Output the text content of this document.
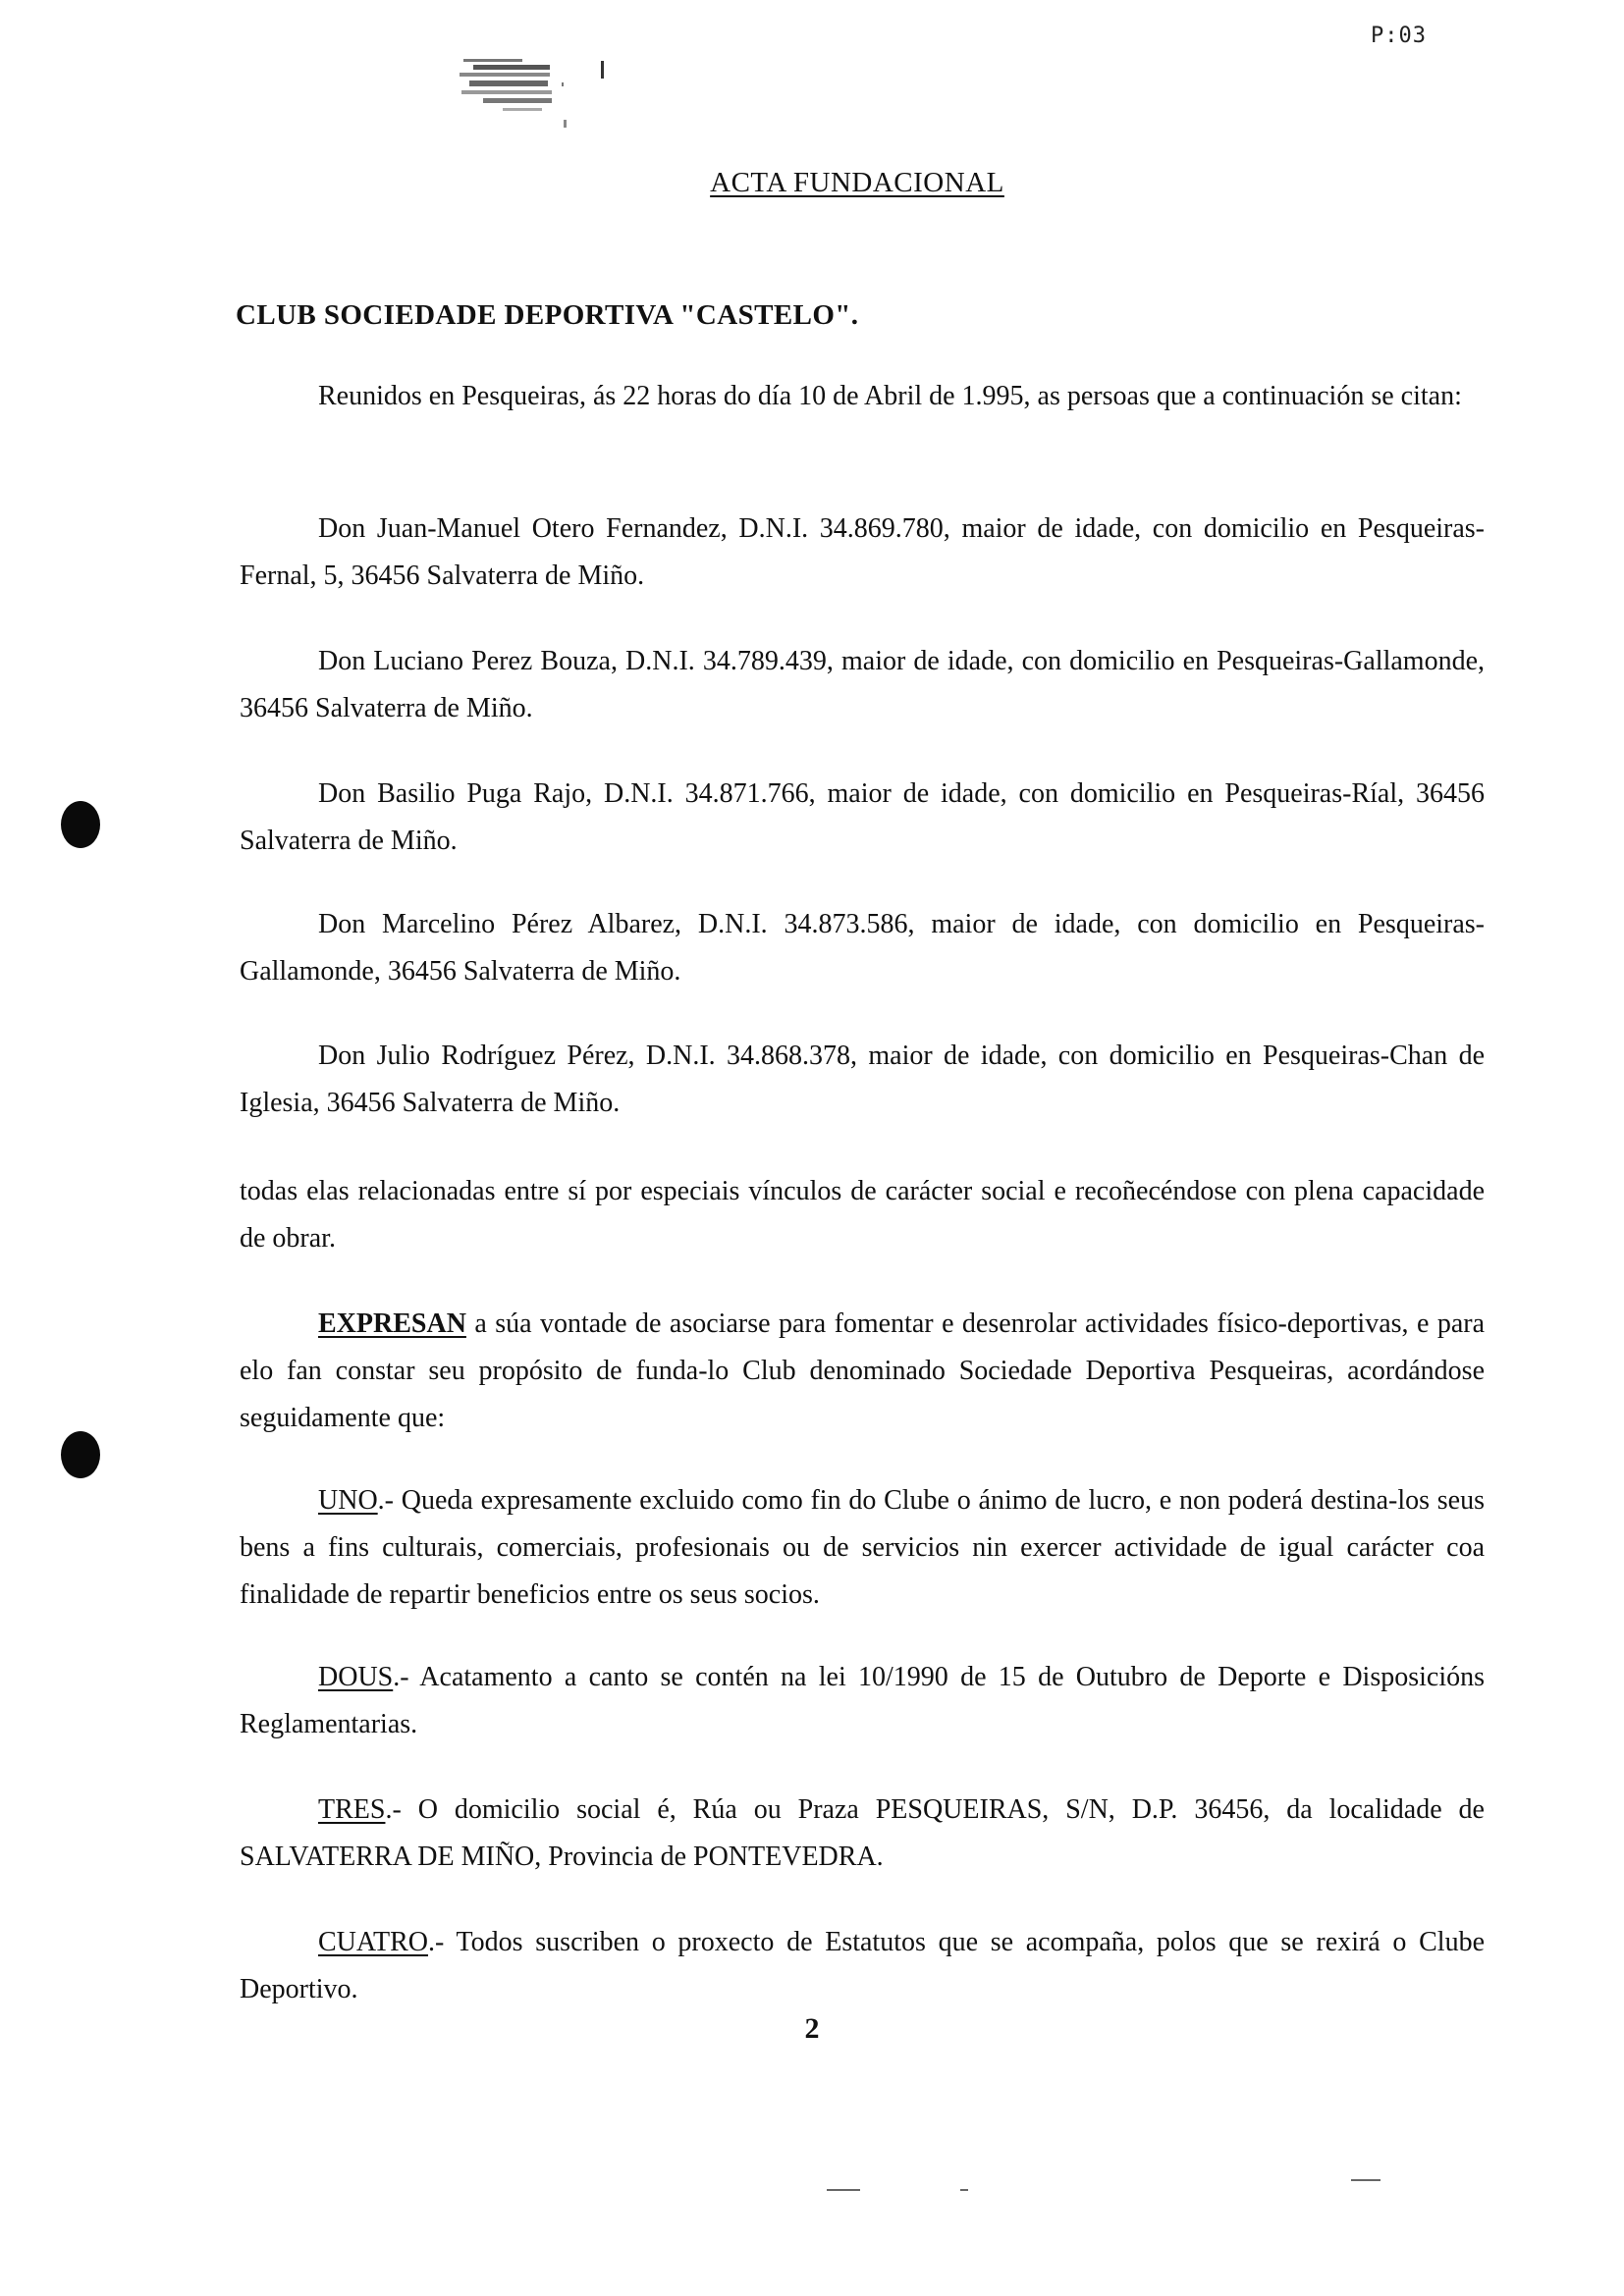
P:03
ACTA FUNDACIONAL
CLUB SOCIEDADE DEPORTIVA "CASTELO".
Reunidos en Pesqueiras, ás 22 horas do día 10 de Abril de 1.995, as persoas que a continuación se citan:
Don Juan-Manuel Otero Fernandez, D.N.I. 34.869.780, maior de idade, con domicilio en Pesqueiras-Fernal, 5, 36456 Salvaterra de Miño.
Don Luciano Perez Bouza, D.N.I. 34.789.439, maior de idade, con domicilio en Pesqueiras-Gallamonde, 36456 Salvaterra de Miño.
Don Basilio Puga Rajo, D.N.I. 34.871.766, maior de idade, con domicilio en Pesqueiras-Ríal, 36456 Salvaterra de Miño.
Don Marcelino Pérez Albarez, D.N.I. 34.873.586, maior de idade, con domicilio en Pesqueiras-Gallamonde, 36456 Salvaterra de Miño.
Don Julio Rodríguez Pérez, D.N.I. 34.868.378, maior de idade, con domicilio en Pesqueiras-Chan de Iglesia, 36456 Salvaterra de Miño.
todas elas relacionadas entre sí por especiais vínculos de carácter social e recoñecéndose con plena capacidade de obrar.
EXPRESAN a súa vontade de asociarse para fomentar e desenrolar actividades físico-deportivas, e para elo fan constar seu propósito de funda-lo Club denominado Sociedade Deportiva Pesqueiras, acordándose seguidamente que:
UNO.- Queda expresamente excluido como fin do Clube o ánimo de lucro, e non poderá destina-los seus bens a fins culturais, comerciais, profesionais ou de servicios nin exercer actividade de igual carácter coa finalidade de repartir beneficios entre os seus socios.
DOUS.- Acatamento a canto se contén na lei 10/1990 de 15 de Outubro de Deporte e Disposicións Reglamentarias.
TRES.- O domicilio social é, Rúa ou Praza PESQUEIRAS, S/N, D.P. 36456, da localidade de SALVATERRA DE MIÑO, Provincia de PONTEVEDRA.
CUATRO.- Todos suscriben o proxecto de Estatutos que se acompaña, polos que se rexirá o Clube Deportivo.
2
